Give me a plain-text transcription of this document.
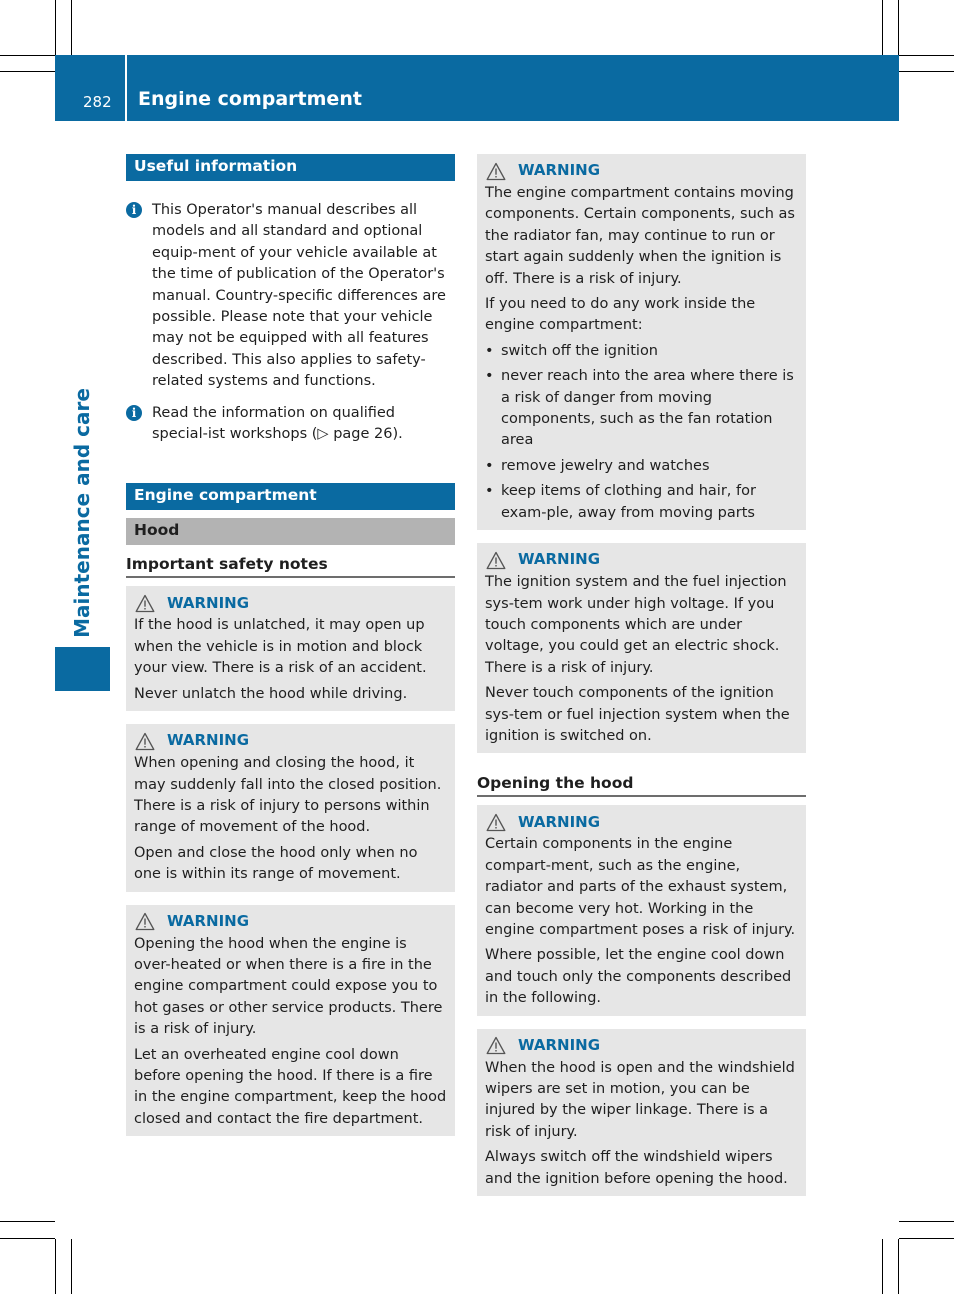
282 Engine compartment
Maintenance and care
Useful information
i	This Operator's manual describes all models and all standard and optional equip-ment of your vehicle available at the time of publication of the Operator's manual. Country-specific differences are possible. Please note that your vehicle may not be equipped with all features described. This also applies to safety-related systems and functions.
i	Read the information on qualified special-ist workshops (▷ page 26).
Engine compartment
Hood
Important safety notes
WARNING

If the hood is unlatched, it may open up when the vehicle is in motion and block your view. There is a risk of an accident.

Never unlatch the hood while driving.

WARNING

When opening and closing the hood, it may suddenly fall into the closed position. There is a risk of injury to persons within range of movement of the hood.

Open and close the hood only when no one is within its range of movement.

WARNING

Opening the hood when the engine is over-heated or when there is a fire in the engine compartment could expose you to hot gases or other service products. There is a risk of injury.

Let an overheated engine cool down before opening the hood. If there is a fire in the engine compartment, keep the hood closed and contact the fire department.

WARNING

The engine compartment contains moving components. Certain components, such as the radiator fan, may continue to run or start again suddenly when the ignition is off. There is a risk of injury.

If you need to do any work inside the engine compartment:

• switch off the ignition
• never reach into the area where there is a risk of danger from moving components, such as the fan rotation area
• remove jewelry and watches
• keep items of clothing and hair, for exam-ple, away from moving parts
WARNING

The ignition system and the fuel injection sys-tem work under high voltage. If you touch components which are under voltage, you could get an electric shock. There is a risk of injury.

Never touch components of the ignition sys-tem or fuel injection system when the ignition is switched on.

Opening the hood
WARNING

Certain components in the engine compart-ment, such as the engine, radiator and parts of the exhaust system, can become very hot. Working in the engine compartment poses a risk of injury.

Where possible, let the engine cool down and touch only the components described in the following.

WARNING

When the hood is open and the windshield wipers are set in motion, you can be injured by the wiper linkage. There is a risk of injury.

Always switch off the windshield wipers and the ignition before opening the hood.
